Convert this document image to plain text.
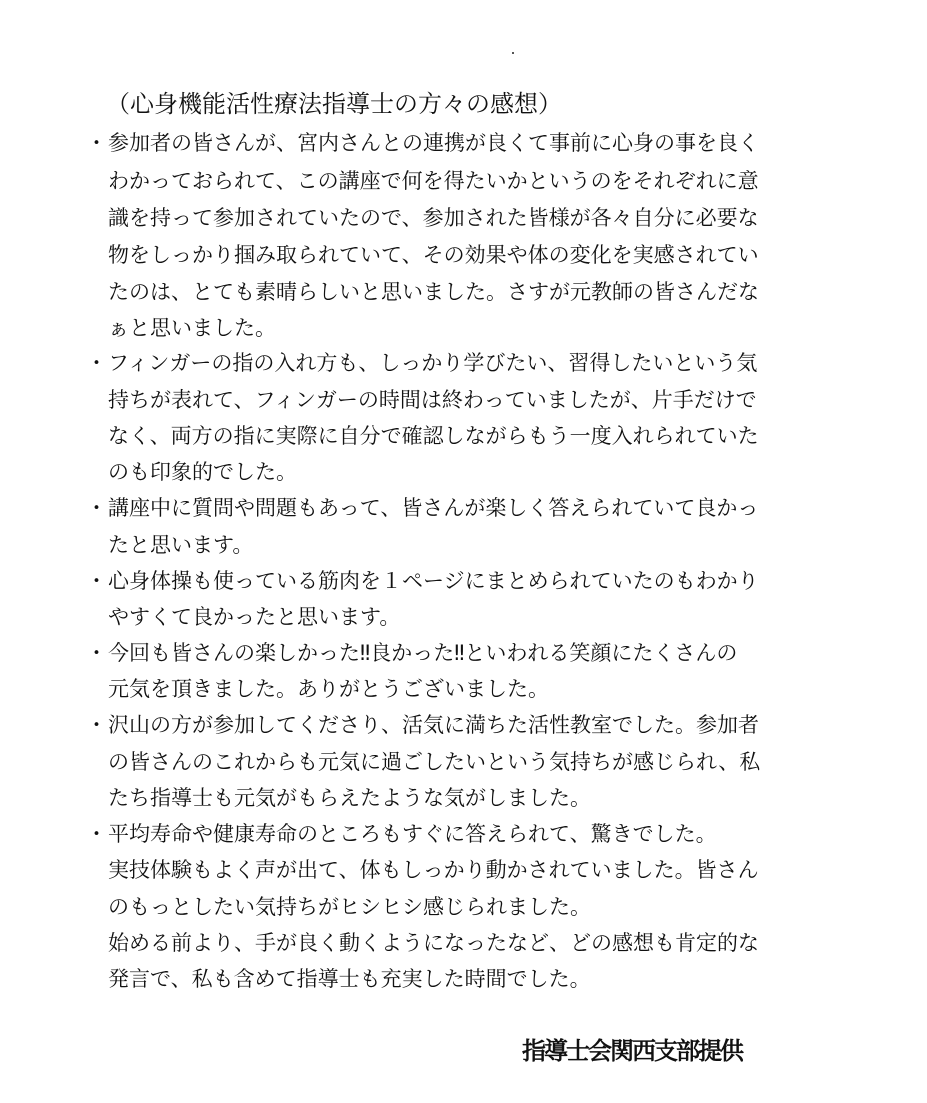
（心身機能活性療法指導士の方々の感想）
・ 参加者の皆さんが、宮内さんとの連携が良くて事前に心身の事を良く
わかっておられて、この講座で何を得たいかというのをそれぞれに意
識を持って参加されていたので、参加された皆様が各々自分に必要な
物をしっかり掴み取られていて、その効果や体の変化を実感されてい
たのは、とても素晴らしいと思いました。さすが元教師の皆さんだな
ぁと思いました。
・ フィンガーの指の入れ方も、しっかり学びたい、習得したいという気
持ちが表れて、フィンガーの時間は終わっていましたが、片手だけで
なく、両方の指に実際に自分で確認しながらもう一度入れられていた
のも印象的でした。
・ 講座中に質問や問題もあって、皆さんが楽しく答えられていて良かっ
たと思います。
・ 心身体操も使っている筋肉を１ページにまとめられていたのもわかり
やすくて良かったと思います。
・ 今回も皆さんの楽しかった‼良かった‼といわれる笑顔にたくさんの
元気を頂きました。ありがとうございました。
・ 沢山の方が参加してくださり、活気に満ちた活性教室でした。参加者
の皆さんのこれからも元気に過ごしたいという気持ちが感じられ、私
たち指導士も元気がもらえたような気がしました。
・ 平均寿命や健康寿命のところもすぐに答えられて、驚きでした。
実技体験もよく声が出て、体もしっかり動かされていました。皆さん
のもっとしたい気持ちがヒシヒシ感じられました。
始める前より、手が良く動くようになったなど、どの感想も肯定的な
発言で、私も含めて指導士も充実した時間でした。
指導士会関西支部提供
